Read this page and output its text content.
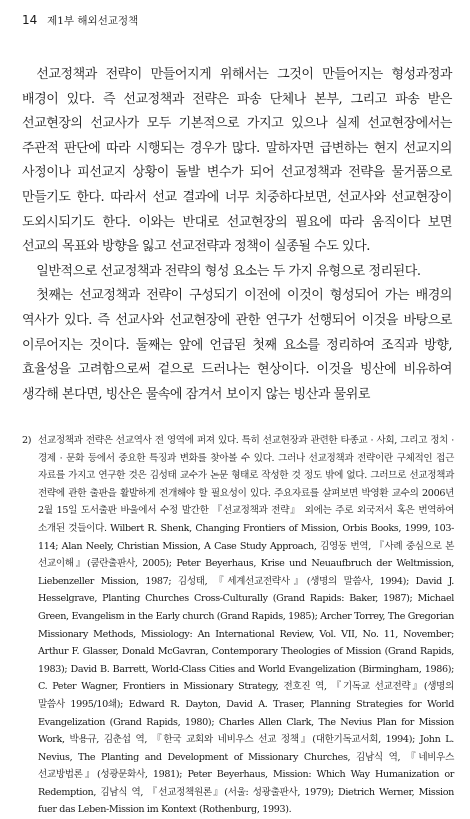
14 제1부 해외선교정책

선교정책과 전략이 만들어지게 위해서는 그것이 만들어지는 형성과정과 배경이 있다. 즉 선교정책과 전략은 파송 단체나 본부, 그리고 파송 받은 선교현장의 선교사가 모두 기본적으로 가지고 있으나 실제 선교현장에서는 주관적 판단에 따라 시행되는 경우가 많다. 말하자면 급변하는 현지 선교지의 사정이나 피선교지 상황이 돌발 변수가 되어 선교정책과 전략을 물거품으로 만들기도 한다. 따라서 선교 결과에 너무 치중하다보면, 선교사와 선교현장이 도외시되기도 한다. 이와는 반대로 선교현장의 필요에 따라 움직이다 보면 선교의 목표와 방향을 잃고 선교전략과 정책이 실종될 수도 있다.

일반적으로 선교정책과 전략의 형성 요소는 두 가지 유형으로 정리된다.

첫째는 선교정책과 전략이 구성되기 이전에 이것이 형성되어 가는 배경의 역사가 있다. 즉 선교사와 선교현장에 관한 연구가 선행되어 이것을 바탕으로 이루어지는 것이다. 둘째는 앞에 언급된 첫째 요소를 정리하여 조직과 방향, 효율성을 고려함으로써 겉으로 드러나는 현상이다. 이것을 빙산에 비유하여 생각해 본다면, 빙산은 물속에 잠겨서 보이지 않는 빙산과 물위로

2) 선교정책과 전략은 선교역사 전 영역에 퍼져 있다. 특히 선교현장과 관련한 타종교 · 사회, 그리고 정치 · 경제 · 문화 등에서 중요한 특징과 변화를 찾아볼 수 있다. 그러나 선교정책과 전략이란 구체적인 접근 자료를 가지고 연구한 것은 김성태 교수가 논문 형태로 작성한 것 정도 밖에 없다. 그러므로 선교정책과 전략에 관한 출판을 활발하게 전개해야 할 필요성이 있다. 주요자료를 살펴보면 박영환 교수의 2006년 2월 15일 도서출판 바울에서 수정 발간한 『선교정책과 전략』 외에는 주로 외국저서 혹은 번역하여 소개된 것들이다. Wilbert R. Shenk, Changing Frontiers of Mission, Orbis Books, 1999, 103-114; Alan Neely, Christian Mission, A Case Study Approach, 김영동 번역, 『사례 중심으로 본 선교이해』(쿰란출판사, 2005); Peter Beyerhaus, Krise und Neuaufbruch der Weltmission, Liebenzeller Mission, 1987; 김성태, 『세계선교전략사』(생명의 말씀사, 1994); David J. Hesselgrave, Planting Churches Cross-Culturally (Grand Rapids: Baker, 1987); Michael Green, Evangelism in the Early church (Grand Rapids, 1985); Archer Torrey, The Gregorian Missionary Methods, Missiology: An International Review, Vol. VII, No. 11, November; Arthur F. Glasser, Donald McGavran, Contemporary Theologies of Mission (Grand Rapids, 1983); David B. Barrett, World-Class Cities and World Evangelization (Birmingham, 1986); C. Peter Wagner, Frontiers in Missionary Strategy, 전호진 역, 『기독교 선교전략』(생명의 말씀사 1995/10쇄); Edward R. Dayton, David A. Traser, Planning Strategies for World Evangelization (Grand Rapids, 1980); Charles Allen Clark, The Nevius Plan for Mission Work, 박용규, 김춘섭 역, 『한국 교회와 네비우스 선교 정책』(대한기독교서회, 1994); John L. Nevius, The Planting and Development of Missionary Churches, 김남식 역, 『네비우스 선교방법론』(성광문화사, 1981); Peter Beyerhaus, Mission: Which Way Humanization or Redemption, 김남식 역, 『선교정책원론』(서울: 성광출판사, 1979); Dietrich Werner, Mission fuer das Leben-Mission im Kontext (Rothenburg, 1993).
